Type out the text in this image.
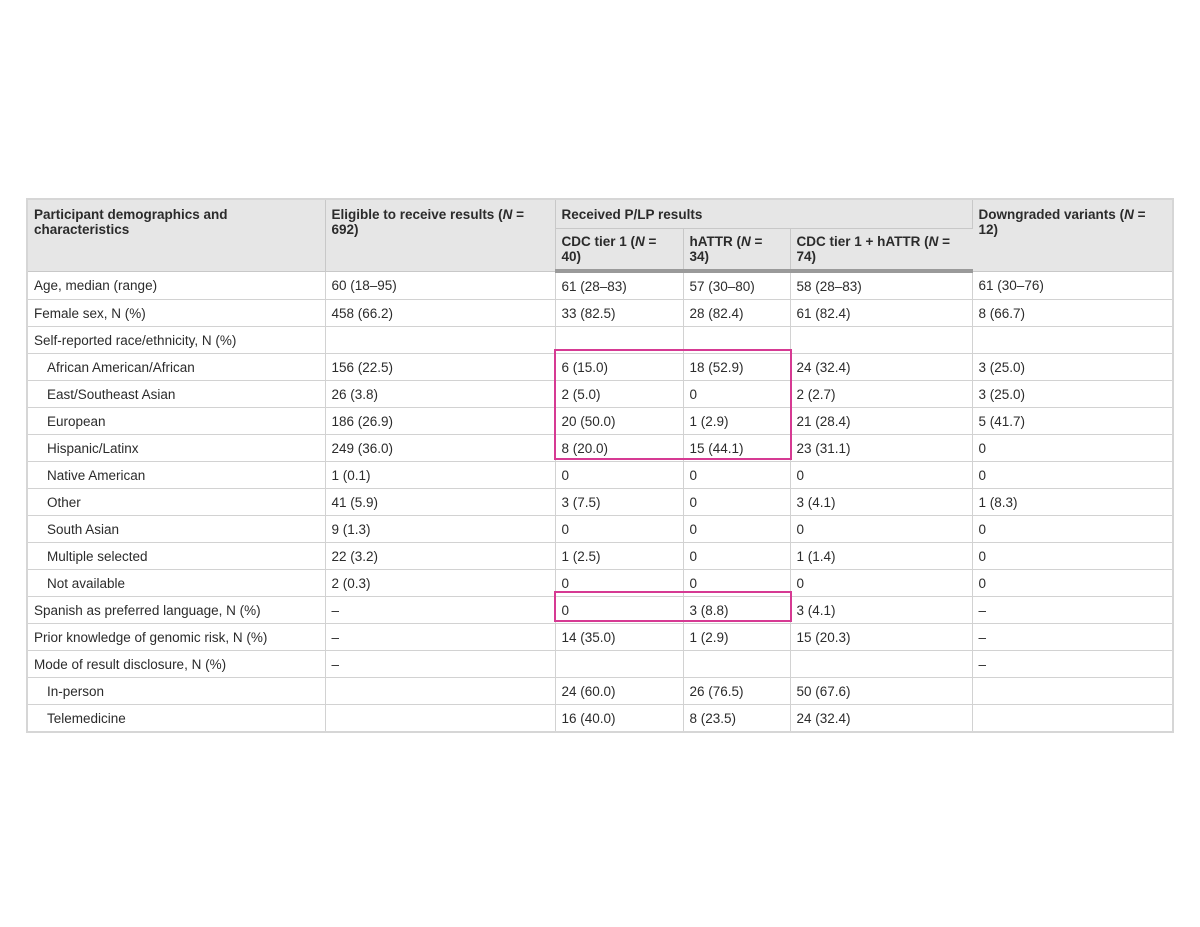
Participant demographics and characteristics	Eligible to receive results (N = 692)	Received P/LP results			Downgraded variants (N = 12)
		CDC tier 1 (N = 40)	hATTR (N = 34)	CDC tier 1 + hATTR (N = 74)	
Age, median (range)	60 (18–95)	61 (28–83)	57 (30–80)	58 (28–83)	61 (30–76)
Female sex, N (%)	458 (66.2)	33 (82.5)	28 (82.4)	61 (82.4)	8 (66.7)
Self-reported race/ethnicity, N (%)					
African American/African	156 (22.5)	6 (15.0)	18 (52.9)	24 (32.4)	3 (25.0)
East/Southeast Asian	26 (3.8)	2 (5.0)	0	2 (2.7)	3 (25.0)
European	186 (26.9)	20 (50.0)	1 (2.9)	21 (28.4)	5 (41.7)
Hispanic/Latinx	249 (36.0)	8 (20.0)	15 (44.1)	23 (31.1)	0
Native American	1 (0.1)	0	0	0	0
Other	41 (5.9)	3 (7.5)	0	3 (4.1)	1 (8.3)
South Asian	9 (1.3)	0	0	0	0
Multiple selected	22 (3.2)	1 (2.5)	0	1 (1.4)	0
Not available	2 (0.3)	0	0	0	0
Spanish as preferred language, N (%)	–	0	3 (8.8)	3 (4.1)	–
Prior knowledge of genomic risk, N (%)	–	14 (35.0)	1 (2.9)	15 (20.3)	–
Mode of result disclosure, N (%)	–				–
In-person		24 (60.0)	26 (76.5)	50 (67.6)	
Telemedicine		16 (40.0)	8 (23.5)	24 (32.4)	
